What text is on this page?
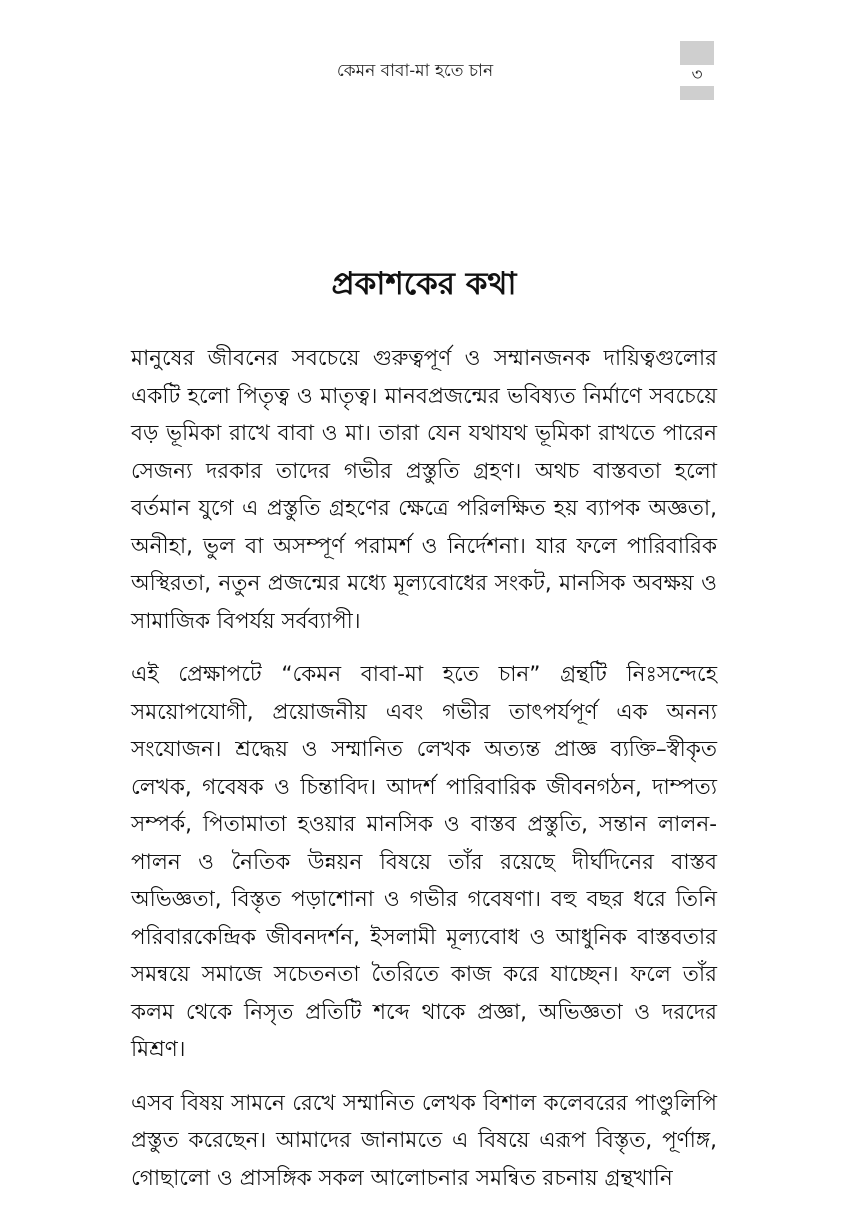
কেমন বাবা-মা হতে চান	৩
প্রকাশকের কথা

মানুষের জীবনের সবচেয়ে গুরুত্বপূর্ণ ও সম্মানজনক দায়িত্বগুলোর একটি হলো পিতৃত্ব ও মাতৃত্ব। মানবপ্রজন্মের ভবিষ্যত নির্মাণে সবচেয়ে বড় ভূমিকা রাখে বাবা ও মা। তারা যেন যথাযথ ভূমিকা রাখতে পারেন সেজন্য দরকার তাদের গভীর প্রস্তুতি গ্রহণ। অথচ বাস্তবতা হলো বর্তমান যুগে এ প্রস্তুতি গ্রহণের ক্ষেত্রে পরিলক্ষিত হয় ব্যাপক অজ্ঞতা, অনীহা, ভুল বা অসম্পূর্ণ পরামর্শ ও নির্দেশনা। যার ফলে পারিবারিক অস্থিরতা, নতুন প্রজন্মের মধ্যে মূল্যবোধের সংকট, মানসিক অবক্ষয় ও সামাজিক বিপর্যয় সর্বব্যাপী।

এই প্রেক্ষাপটে “কেমন বাবা-মা হতে চান” গ্রন্থটি নিঃসন্দেহে সময়োপযোগী, প্রয়োজনীয় এবং গভীর তাৎপর্যপূর্ণ এক অনন্য সংযোজন। শ্রদ্ধেয় ও সম্মানিত লেখক অত্যন্ত প্রাজ্ঞ ব্যক্তি–স্বীকৃত লেখক, গবেষক ও চিন্তাবিদ। আদর্শ পারিবারিক জীবনগঠন, দাম্পত্য সম্পর্ক, পিতামাতা হওয়ার মানসিক ও বাস্তব প্রস্তুতি, সন্তান লালন-পালন ও নৈতিক উন্নয়ন বিষয়ে তাঁর রয়েছে দীর্ঘদিনের বাস্তব অভিজ্ঞতা, বিস্তৃত পড়াশোনা ও গভীর গবেষণা। বহু বছর ধরে তিনি পরিবারকেন্দ্রিক জীবনদর্শন, ইসলামী মূল্যবোধ ও আধুনিক বাস্তবতার সমন্বয়ে সমাজে সচেতনতা তৈরিতে কাজ করে যাচ্ছেন। ফলে তাঁর কলম থেকে নিসৃত প্রতিটি শব্দে থাকে প্রজ্ঞা, অভিজ্ঞতা ও দরদের মিশ্রণ।

এসব বিষয় সামনে রেখে সম্মানিত লেখক বিশাল কলেবরের পাণ্ডুলিপি প্রস্তুত করেছেন। আমাদের জানামতে এ বিষয়ে এরূপ বিস্তৃত, পূর্ণাঙ্গ, গোছালো ও প্রাসঙ্গিক সকল আলোচনার সমন্বিত রচনায় গ্রন্থখানি
